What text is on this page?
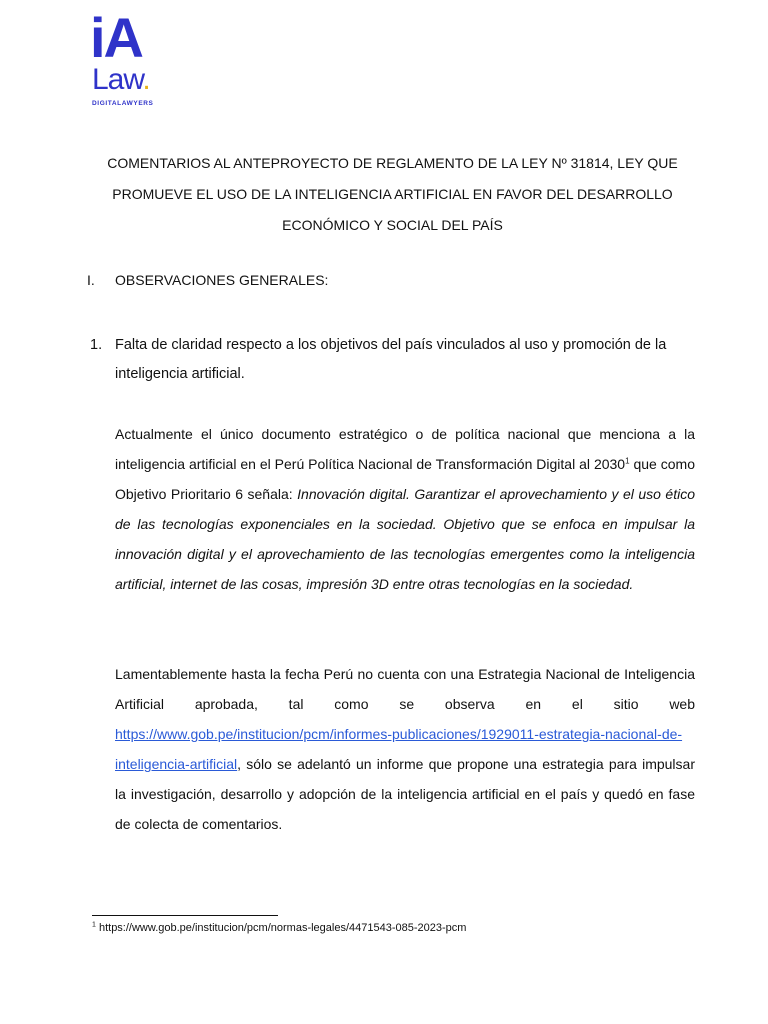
iA
Law.
DIGITALAWYERS
COMENTARIOS AL ANTEPROYECTO DE REGLAMENTO DE LA LEY Nº 31814, LEY QUE PROMUEVE EL USO DE LA INTELIGENCIA ARTIFICIAL EN FAVOR DEL DESARROLLO ECONÓMICO Y SOCIAL DEL PAÍS
I.	OBSERVACIONES GENERALES:
1. Falta de claridad respecto a los objetivos del país vinculados al uso y promoción de la inteligencia artificial.
Actualmente el único documento estratégico o de política nacional que menciona a la inteligencia artificial en el Perú Política Nacional de Transformación Digital al 2030$^1$ que como Objetivo Prioritario 6 señala: Innovación digital. Garantizar el aprovechamiento y el uso ético de las tecnologías exponenciales en la sociedad. Objetivo que se enfoca en impulsar la innovación digital y el aprovechamiento de las tecnologías emergentes como la inteligencia artificial, internet de las cosas, impresión 3D entre otras tecnologías en la sociedad.
Lamentablemente hasta la fecha Perú no cuenta con una Estrategia Nacional de Inteligencia Artificial aprobada, tal como se observa en el sitio web https://www.gob.pe/institucion/pcm/informes-publicaciones/1929011-estrategia-nacional-de-inteligencia-artificial, sólo se adelantó un informe que propone una estrategia para impulsar la investigación, desarrollo y adopción de la inteligencia artificial en el país y quedó en fase de colecta de comentarios.
$^1$ https://www.gob.pe/institucion/pcm/normas-legales/4471543-085-2023-pcm
